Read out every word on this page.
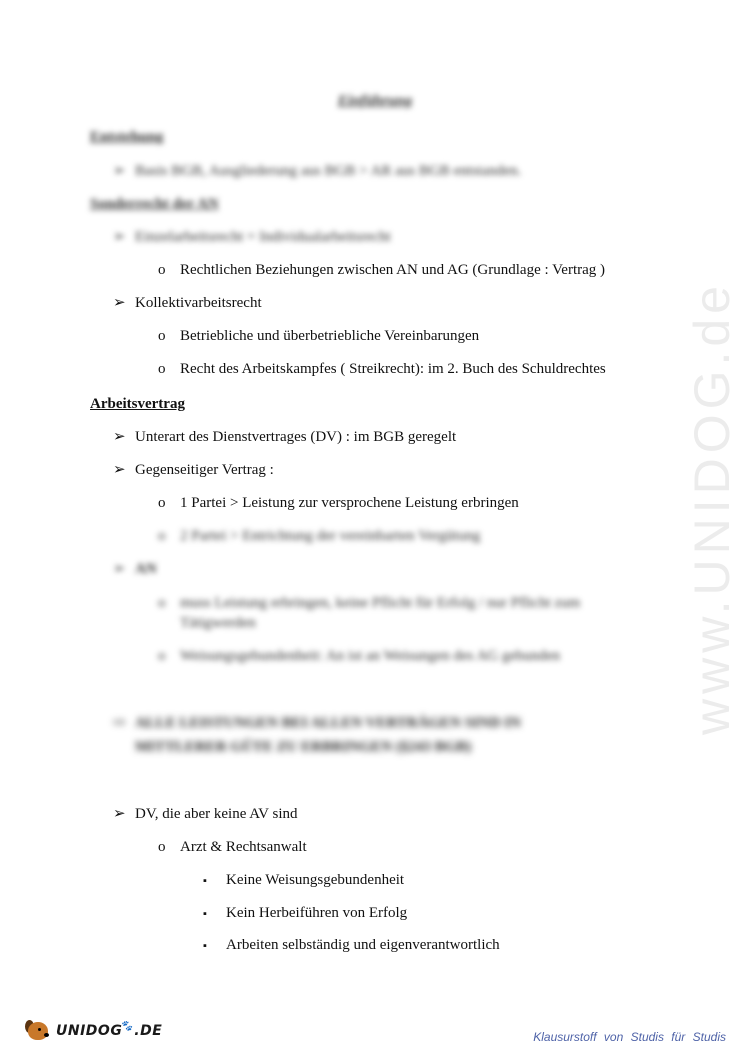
www.UNIDOG.de
Einführung
Entstehung
➢ Basis BGB, Ausgliederung aus BGB > AR aus BGB entstanden.
Sonderrecht der AN
➢ Einzelarbeitsrecht = Individualarbeitsrecht
o Rechtlichen Beziehungen zwischen AN und AG (Grundlage : Vertrag )
➢ Kollektivarbeitsrecht
o Betriebliche und überbetriebliche Vereinbarungen
o Recht des Arbeitskampfes ( Streikrecht): im 2. Buch des Schuldrechtes
Arbeitsvertrag
➢ Unterart des Dienstvertrages (DV) : im BGB geregelt
➢ Gegenseitiger Vertrag :
o 1 Partei > Leistung zur versprochene Leistung erbringen
o 2 Partei > Entrichtung der vereinbarten Vergütung
➢ AN
o muss Leistung erbringen, keine Pflicht für Erfolg / nur Pflicht zum
Tätigwerden
o Weisungsgebundenheit: An ist an Weisungen des AG gebunden
⇨ ALLE LEISTUNGEN BEI ALLEN VERTRÄGEN SIND IN
MITTLERER GÜTE ZU ERBRINGEN (§243 BGB)
➢ DV, die aber keine AV sind
o Arzt & Rechtsanwalt
▪ Keine Weisungsgebundenheit
▪ Kein Herbeiführen von Erfolg
▪ Arbeiten selbständig und eigenverantwortlich
UNIDOG🐾.DE	Klausurstoff von Studis für Studis
